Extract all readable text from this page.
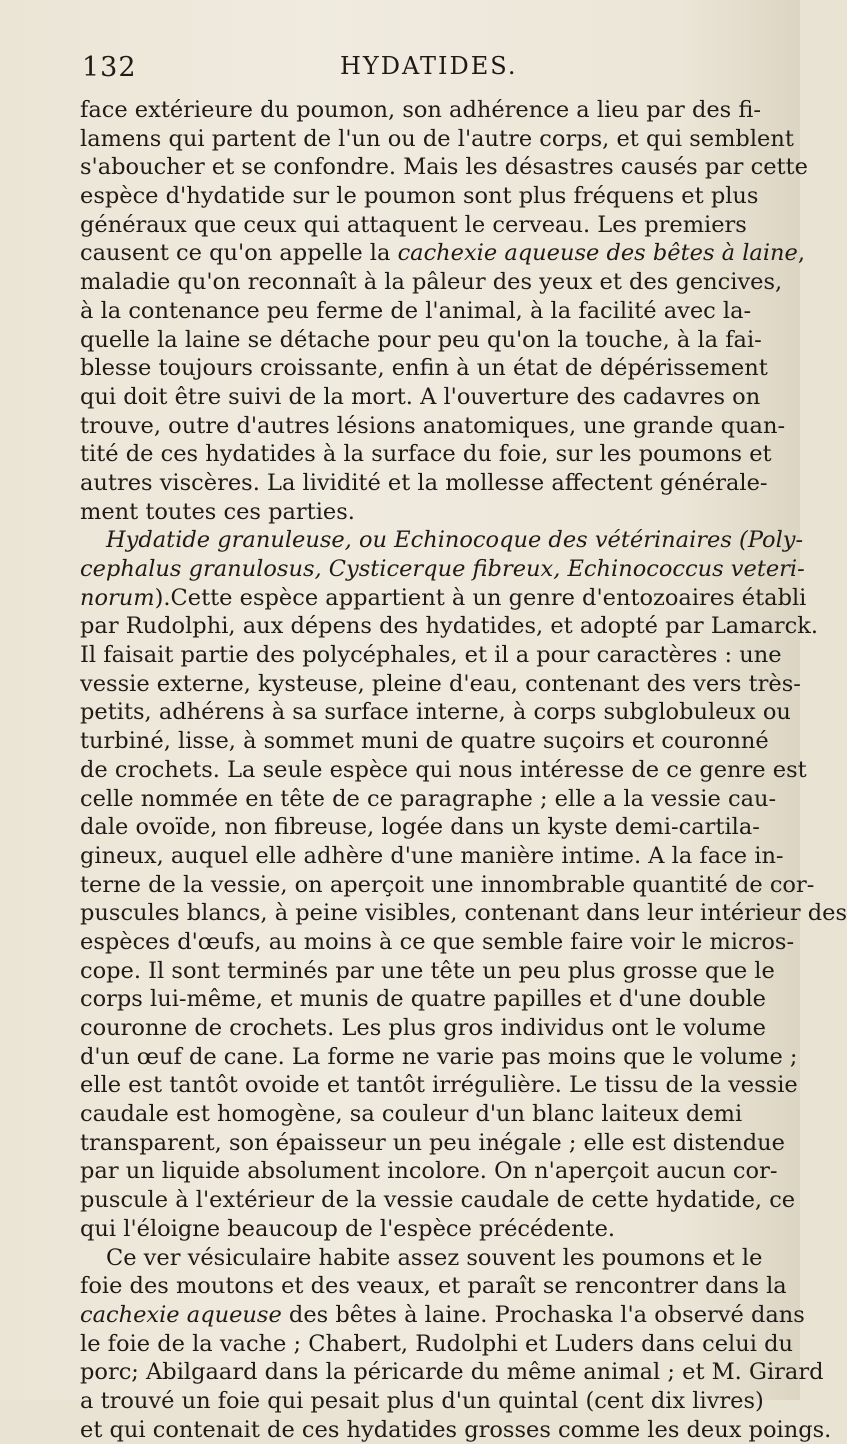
132	HYDATIDES.
face extérieure du poumon, son adhérence a lieu par des fi-
lamens qui partent de l'un ou de l'autre corps, et qui semblent
s'aboucher et se confondre. Mais les désastres causés par cette
espèce d'hydatide sur le poumon sont plus fréquens et plus
généraux que ceux qui attaquent le cerveau. Les premiers
causent ce qu'on appelle la cachexie aqueuse des bêtes à laine,
maladie qu'on reconnaît à la pâleur des yeux et des gencives,
à la contenance peu ferme de l'animal, à la facilité avec la-
quelle la laine se détache pour peu qu'on la touche, à la fai-
blesse toujours croissante, enfin à un état de dépérissement
qui doit être suivi de la mort. A l'ouverture des cadavres on
trouve, outre d'autres lésions anatomiques, une grande quan-
tité de ces hydatides à la surface du foie, sur les poumons et
autres viscères. La lividité et la mollesse affectent générale-
ment toutes ces parties.
Hydatide granuleuse, ou Echinocoque des vétérinaires (Poly-
cephalus granulosus, Cysticerque fibreux, Echinococcus veteri-
norum).Cette espèce appartient à un genre d'entozoaires établi
par Rudolphi, aux dépens des hydatides, et adopté par Lamarck.
Il faisait partie des polycéphales, et il a pour caractères : une
vessie externe, kysteuse, pleine d'eau, contenant des vers très-
petits, adhérens à sa surface interne, à corps subglobuleux ou
turbiné, lisse, à sommet muni de quatre suçoirs et couronné
de crochets. La seule espèce qui nous intéresse de ce genre est
celle nommée en tête de ce paragraphe ; elle a la vessie cau-
dale ovoïde, non fibreuse, logée dans un kyste demi-cartila-
gineux, auquel elle adhère d'une manière intime. A la face in-
terne de la vessie, on aperçoit une innombrable quantité de cor-
puscules blancs, à peine visibles, contenant dans leur intérieur des
espèces d'œufs, au moins à ce que semble faire voir le micros-
cope. Il sont terminés par une tête un peu plus grosse que le
corps lui-même, et munis de quatre papilles et d'une double
couronne de crochets. Les plus gros individus ont le volume
d'un œuf de cane. La forme ne varie pas moins que le volume ;
elle est tantôt ovoide et tantôt irrégulière. Le tissu de la vessie
caudale est homogène, sa couleur d'un blanc laiteux demi
transparent, son épaisseur un peu inégale ; elle est distendue
par un liquide absolument incolore. On n'aperçoit aucun cor-
puscule à l'extérieur de la vessie caudale de cette hydatide, ce
qui l'éloigne beaucoup de l'espèce précédente.
Ce ver vésiculaire habite assez souvent les poumons et le
foie des moutons et des veaux, et paraît se rencontrer dans la
cachexie aqueuse des bêtes à laine. Prochaska l'a observé dans
le foie de la vache ; Chabert, Rudolphi et Luders dans celui du
porc; Abilgaard dans la péricarde du même animal ; et M. Girard
a trouvé un foie qui pesait plus d'un quintal (cent dix livres)
et qui contenait de ces hydatides grosses comme les deux poings.
